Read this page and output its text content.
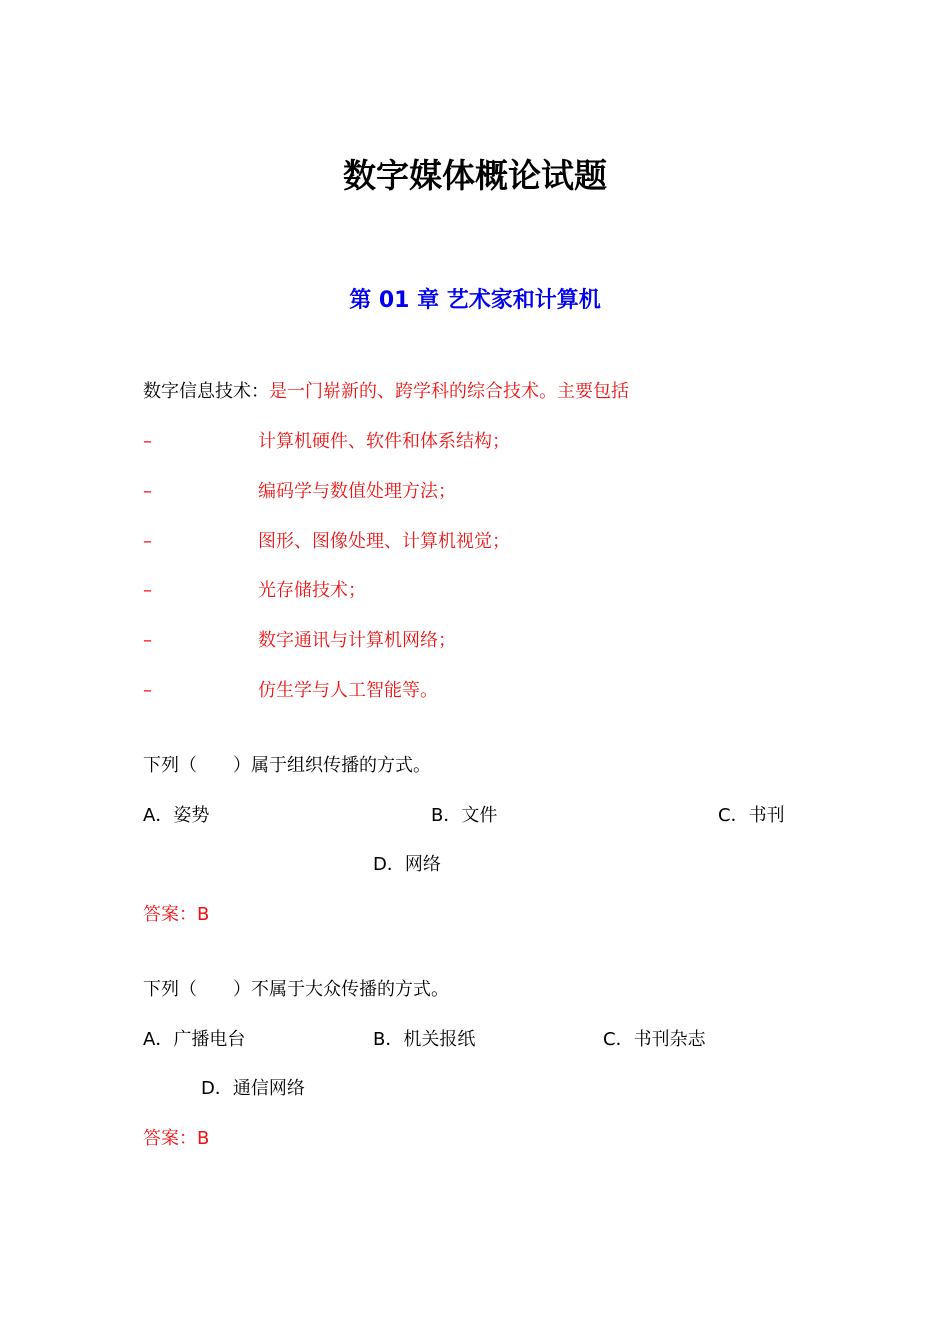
数字媒体概论试题
第 01 章 艺术家和计算机
数字信息技术：是一门崭新的、跨学科的综合技术。主要包括
–	计算机硬件、软件和体系结构；
–	编码学与数值处理方法；
–	图形、图像处理、计算机视觉；
–	光存储技术；
–	数字通讯与计算机网络；
–	仿生学与人工智能等。
下列（　　）属于组织传播的方式。
A．姿势	B．文件	C．书刊
D．网络
答案：B
下列（　　）不属于大众传播的方式。
A．广播电台	B．机关报纸	C．书刊杂志
D．通信网络
答案：B
